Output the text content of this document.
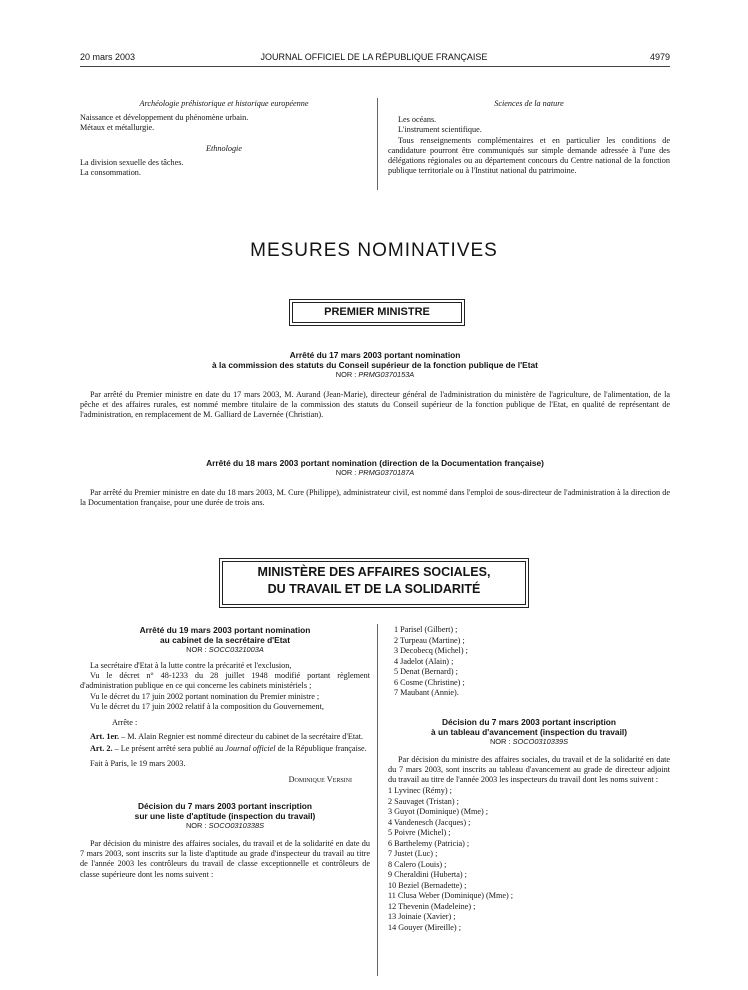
20 mars 2003	JOURNAL OFFICIEL DE LA RÉPUBLIQUE FRANÇAISE	4979

Archéologie préhistorique et historique européenne

Naissance et développement du phénomène urbain.

Métaux et métallurgie.

Ethnologie

La division sexuelle des tâches.

La consommation.

Sciences de la nature

Les océans.

L'instrument scientifique.

Tous renseignements complémentaires et en particulier les conditions de candidature pourront être communiqués sur simple demande adressée à l'une des délégations régionales ou au département concours du Centre national de la fonction publique territoriale ou à l'Institut national du patrimoine.

MESURES NOMINATIVES
PREMIER MINISTRE

Arrêté du 17 mars 2003 portant nomination

à la commission des statuts du Conseil supérieur de la fonction publique de l'Etat

NOR : PRMG0370153A

Par arrêté du Premier ministre en date du 17 mars 2003, M. Aurand (Jean-Marie), directeur général de l'administration du ministère de l'agriculture, de l'alimentation, de la pêche et des affaires rurales, est nommé membre titulaire de la commission des statuts du Conseil supérieur de la fonction publique de l'Etat, en qualité de représentant de l'administration, en remplacement de M. Galliard de Lavernée (Christian).

Arrêté du 18 mars 2003 portant nomination (direction de la Documentation française)

NOR : PRMG0370187A

Par arrêté du Premier ministre en date du 18 mars 2003, M. Cure (Philippe), administrateur civil, est nommé dans l'emploi de sous-directeur de l'administration à la direction de la Documentation française, pour une durée de trois ans.

MINISTÈRE DES AFFAIRES SOCIALES,
DU TRAVAIL ET DE LA SOLIDARITÉ

Arrêté du 19 mars 2003 portant nomination

au cabinet de la secrétaire d'Etat

NOR : SOCC0321003A

La secrétaire d'Etat à la lutte contre la précarité et l'exclusion,

Vu le décret n° 48-1233 du 28 juillet 1948 modifié portant règlement d'administration publique en ce qui concerne les cabinets ministériels ;

Vu le décret du 17 juin 2002 portant nomination du Premier ministre ;

Vu le décret du 17 juin 2002 relatif à la composition du Gouvernement,

Arrête :

Art. 1er. – M. Alain Regnier est nommé directeur du cabinet de la secrétaire d'Etat.

Art. 2. – Le présent arrêté sera publié au Journal officiel de la République française.

Fait à Paris, le 19 mars 2003.

Dominique Versini

Décision du 7 mars 2003 portant inscription

sur une liste d'aptitude (inspection du travail)

NOR : SOCO0310338S

Par décision du ministre des affaires sociales, du travail et de la solidarité en date du 7 mars 2003, sont inscrits sur la liste d'aptitude au grade d'inspecteur du travail au titre de l'année 2003 les contrôleurs du travail de classe exceptionnelle et contrôleurs de classe supérieure dont les noms suivent :

1 Parisel (Gilbert) ;
2 Turpeau (Martine) ;
3 Decobecq (Michel) ;
4 Jadelot (Alain) ;
5 Denat (Bernard) ;
6 Cosme (Christine) ;
7 Maubant (Annie).

Décision du 7 mars 2003 portant inscription

à un tableau d'avancement (inspection du travail)

NOR : SOCO0310339S

Par décision du ministre des affaires sociales, du travail et de la solidarité en date du 7 mars 2003, sont inscrits au tableau d'avancement au grade de directeur adjoint du travail au titre de l'année 2003 les inspecteurs du travail dont les noms suivent :

1 Lyvinec (Rémy) ;
2 Sauvaget (Tristan) ;
3 Guyot (Dominique) (Mme) ;
4 Vandenesch (Jacques) ;
5 Poivre (Michel) ;
6 Barthelemy (Patricia) ;
7 Justet (Luc) ;
8 Calero (Louis) ;
9 Cheraldini (Huberta) ;
10 Beziel (Bernadette) ;
11 Clusa Weber (Dominique) (Mme) ;
12 Thevenin (Madeleine) ;
13 Joinaie (Xavier) ;
14 Gouyer (Mireille) ;
